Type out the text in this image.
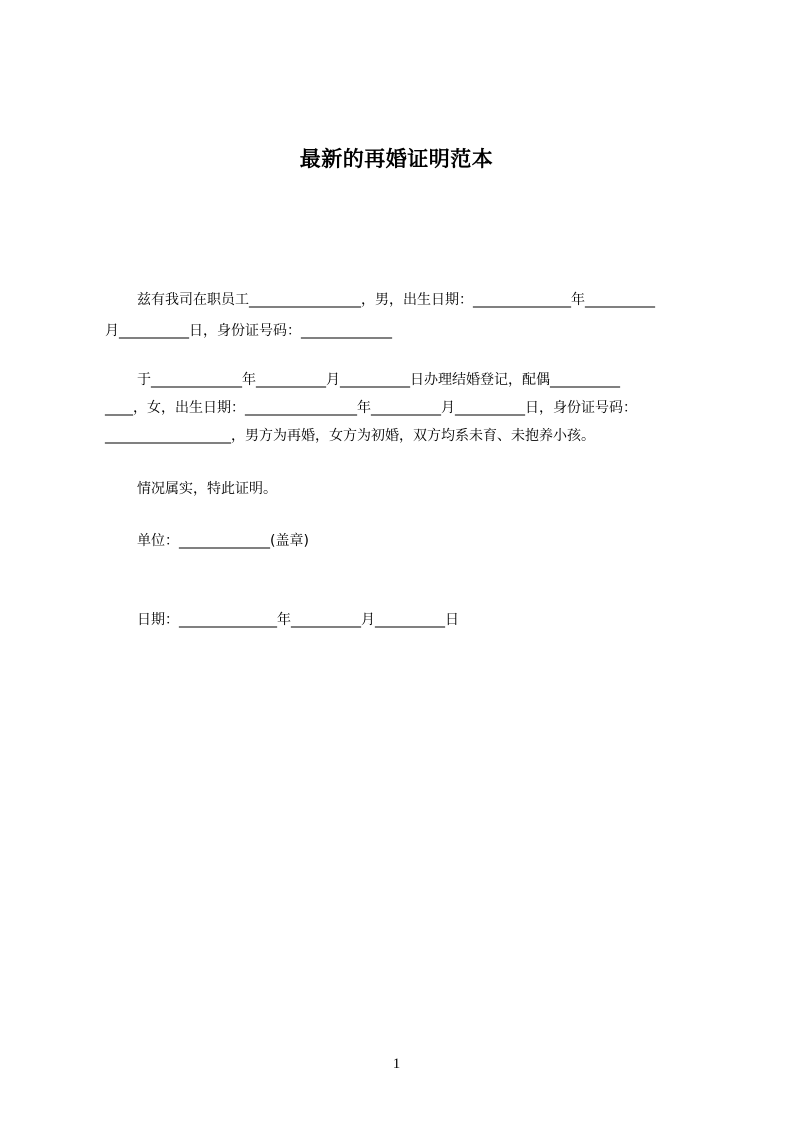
最新的再婚证明范本
兹有我司在职员工________________，男，出生日期：______________年__________
月__________日，身份证号码：_____________
于_____________年__________月__________日办理结婚登记，配偶__________
____，女，出生日期：________________年__________月__________日，身份证号码：
__________________，男方为再婚，女方为初婚，双方均系未育、未抱养小孩。
情况属实，特此证明。
单位：_____________(盖章)
日期：______________年__________月__________日
1
